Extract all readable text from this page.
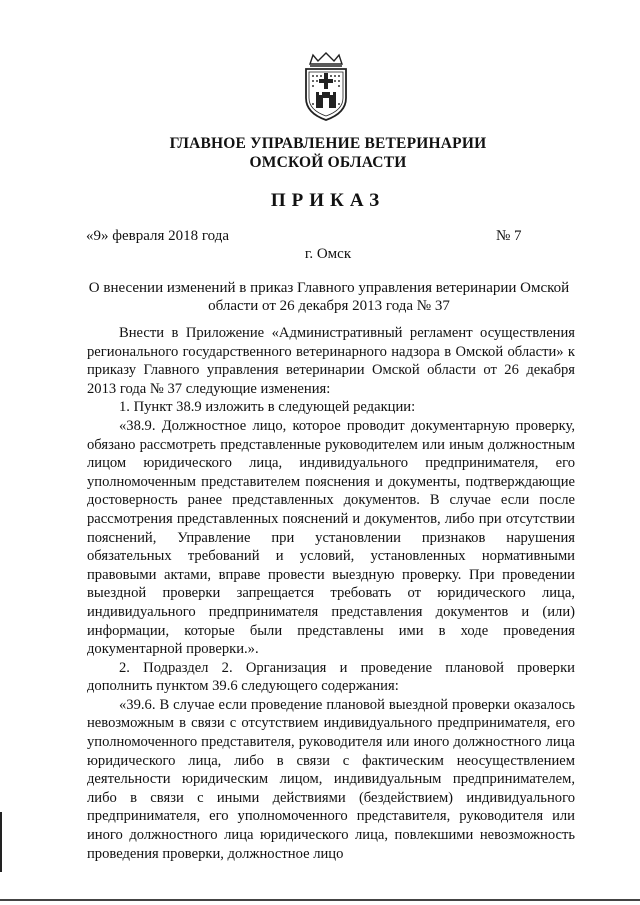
ГЛАВНОЕ УПРАВЛЕНИЕ ВЕТЕРИНАРИИ
ОМСКОЙ ОБЛАСТИ
ПРИКАЗ
«9» февраля 2018 года	№ 7
г. Омск
О внесении изменений в приказ Главного управления ветеринарии Омской области от 26 декабря 2013 года № 37

Внести в Приложение «Административный регламент осуществления регионального государственного ветеринарного надзора в Омской области» к приказу Главного управления ветеринарии Омской области от 26 декабря 2013 года № 37 следующие изменения:

1. Пункт 38.9 изложить в следующей редакции:

«38.9. Должностное лицо, которое проводит документарную проверку, обязано рассмотреть представленные руководителем или иным должностным лицом юридического лица, индивидуального предпринимателя, его уполномоченным представителем пояснения и документы, подтверждающие достоверность ранее представленных документов. В случае если после рассмотрения представленных пояснений и документов, либо при отсутствии пояснений, Управление при установлении признаков нарушения обязательных требований и условий, установленных нормативными правовыми актами, вправе провести выездную проверку. При проведении выездной проверки запрещается требовать от юридического лица, индивидуального предпринимателя представления документов и (или) информации, которые были представлены ими в ходе проведения документарной проверки.».

2. Подраздел 2. Организация и проведение плановой проверки дополнить пунктом 39.6 следующего содержания:

«39.6. В случае если проведение плановой выездной проверки оказалось невозможным в связи с отсутствием индивидуального предпринимателя, его уполномоченного представителя, руководителя или иного должностного лица юридического лица, либо в связи с фактическим неосуществлением деятельности юридическим лицом, индивидуальным предпринимателем, либо в связи с иными действиями (бездействием) индивидуального предпринимателя, его уполномоченного представителя, руководителя или иного должностного лица юридического лица, повлекшими невозможность проведения проверки, должностное лицо
